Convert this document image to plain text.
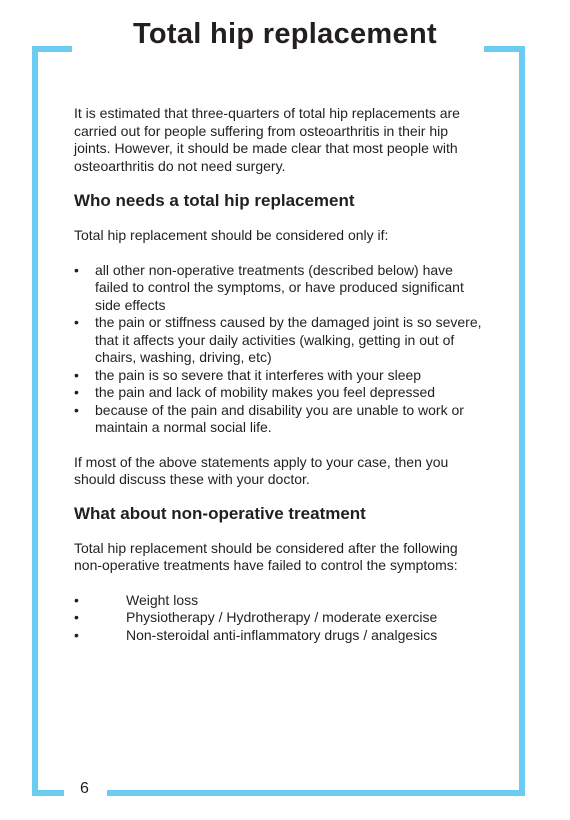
Total hip replacement

It is estimated that three-quarters of total hip replacements are carried out for people suffering from osteoarthritis in their hip joints. However, it should be made clear that most people with osteoarthritis do not need surgery.

Who needs a total hip replacement

Total hip replacement should be considered only if:

• all other non-operative treatments (described below) have failed to control the symptoms, or have produced significant side effects
• the pain or stiffness caused by the damaged joint is so severe, that it affects your daily activities (walking, getting in out of chairs, washing, driving, etc)
• the pain is so severe that it interferes with your sleep
• the pain and lack of mobility makes you feel depressed
• because of the pain and disability you are unable to work or maintain a normal social life.

If most of the above statements apply to your case, then you should discuss these with your doctor.

What about non-operative treatment

Total hip replacement should be considered after the following non-operative treatments have failed to control the symptoms:

•	Weight loss
•	Physiotherapy / Hydrotherapy / moderate exercise
•	Non-steroidal anti-inflammatory drugs / analgesics
6
